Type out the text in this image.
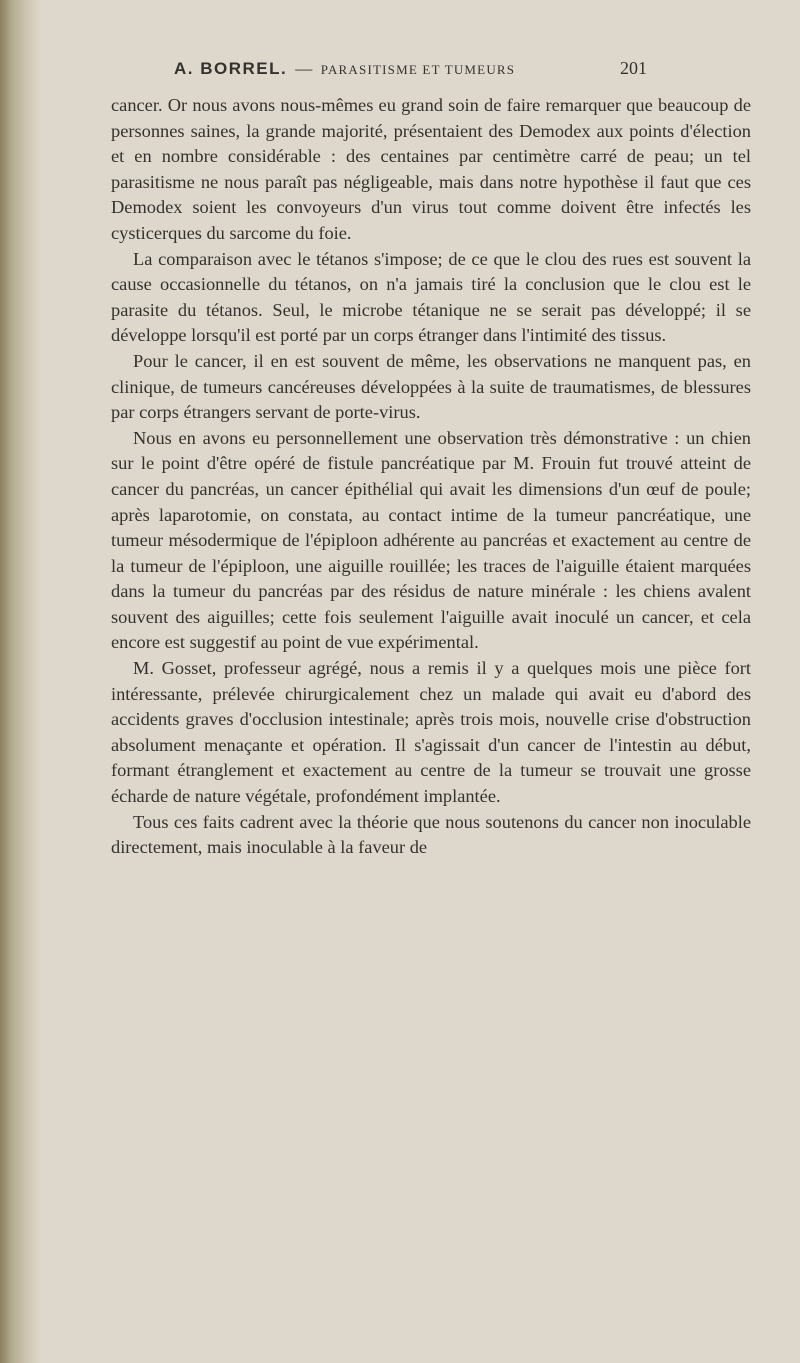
A. BORREL. — PARASITISME ET TUMEURS	201

cancer. Or nous avons nous-mêmes eu grand soin de faire remarquer que beaucoup de personnes saines, la grande majorité, présentaient des Demodex aux points d'élection et en nombre considérable : des centaines par centimètre carré de peau; un tel parasitisme ne nous paraît pas négligeable, mais dans notre hypothèse il faut que ces Demodex soient les convoyeurs d'un virus tout comme doivent être infectés les cysticerques du sarcome du foie.

La comparaison avec le tétanos s'impose; de ce que le clou des rues est souvent la cause occasionnelle du tétanos, on n'a jamais tiré la conclusion que le clou est le parasite du tétanos. Seul, le microbe tétanique ne se serait pas développé; il se développe lorsqu'il est porté par un corps étranger dans l'intimité des tissus.

Pour le cancer, il en est souvent de même, les observations ne manquent pas, en clinique, de tumeurs cancéreuses développées à la suite de traumatismes, de blessures par corps étrangers servant de porte-virus.

Nous en avons eu personnellement une observation très démonstrative : un chien sur le point d'être opéré de fistule pancréatique par M. Frouin fut trouvé atteint de cancer du pancréas, un cancer épithélial qui avait les dimensions d'un œuf de poule; après laparotomie, on constata, au contact intime de la tumeur pancréatique, une tumeur mésodermique de l'épiploon adhérente au pancréas et exactement au centre de la tumeur de l'épiploon, une aiguille rouillée; les traces de l'aiguille étaient marquées dans la tumeur du pancréas par des résidus de nature minérale : les chiens avalent souvent des aiguilles; cette fois seulement l'aiguille avait inoculé un cancer, et cela encore est suggestif au point de vue expérimental.

M. Gosset, professeur agrégé, nous a remis il y a quelques mois une pièce fort intéressante, prélevée chirurgicalement chez un malade qui avait eu d'abord des accidents graves d'occlusion intestinale; après trois mois, nouvelle crise d'obstruction absolument menaçante et opération. Il s'agissait d'un cancer de l'intestin au début, formant étranglement et exactement au centre de la tumeur se trouvait une grosse écharde de nature végétale, profondément implantée.

Tous ces faits cadrent avec la théorie que nous soutenons du cancer non inoculable directement, mais inoculable à la faveur de
